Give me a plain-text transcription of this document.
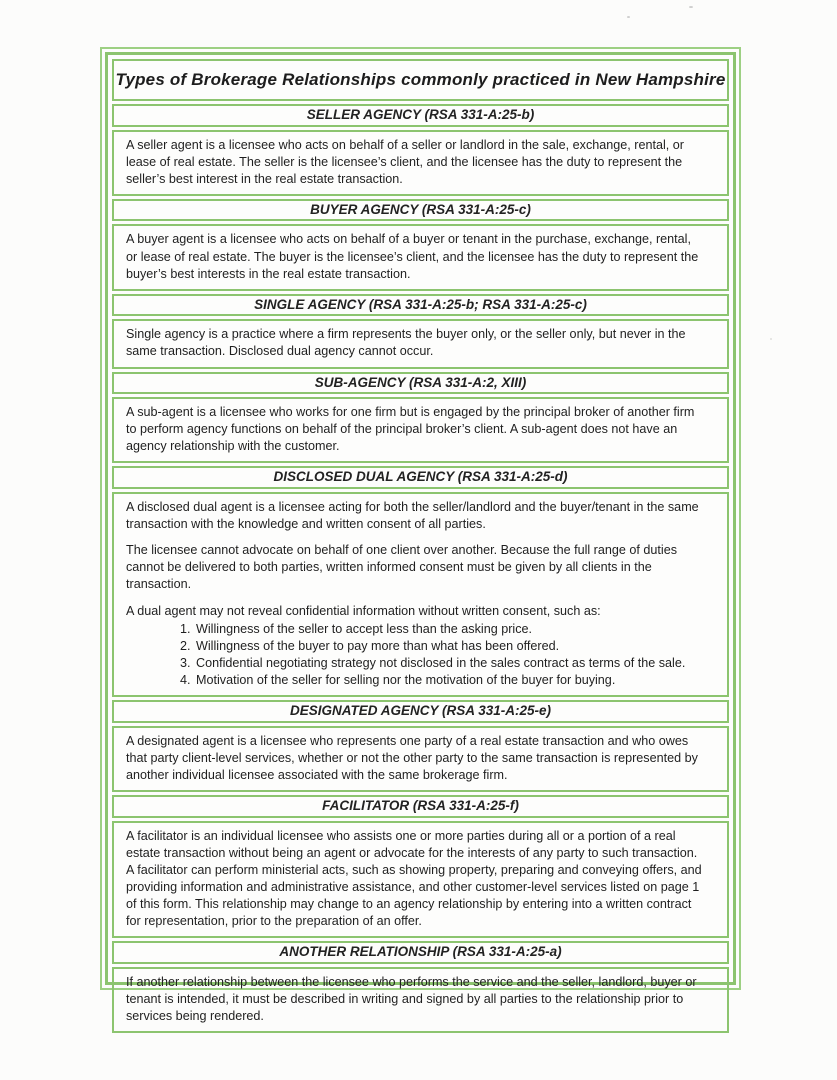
Types of Brokerage Relationships commonly practiced in New Hampshire
SELLER AGENCY (RSA 331-A:25-b)

A seller agent is a licensee who acts on behalf of a seller or landlord in the sale, exchange, rental, or lease of real estate. The seller is the licensee’s client, and the licensee has the duty to represent the seller’s best interest in the real estate transaction.

BUYER AGENCY (RSA 331-A:25-c)

A buyer agent is a licensee who acts on behalf of a buyer or tenant in the purchase, exchange, rental, or lease of real estate. The buyer is the licensee’s client, and the licensee has the duty to represent the buyer’s best interests in the real estate transaction.

SINGLE AGENCY (RSA 331-A:25-b; RSA 331-A:25-c)

Single agency is a practice where a firm represents the buyer only, or the seller only, but never in the same transaction. Disclosed dual agency cannot occur.

SUB-AGENCY (RSA 331-A:2, XIII)

A sub-agent is a licensee who works for one firm but is engaged by the principal broker of another firm to perform agency functions on behalf of the principal broker’s client. A sub-agent does not have an agency relationship with the customer.

DISCLOSED DUAL AGENCY (RSA 331-A:25-d)

A disclosed dual agent is a licensee acting for both the seller/landlord and the buyer/tenant in the same transaction with the knowledge and written consent of all parties.

The licensee cannot advocate on behalf of one client over another. Because the full range of duties cannot be delivered to both parties, written informed consent must be given by all clients in the transaction.

A dual agent may not reveal confidential information without written consent, such as:

1. Willingness of the seller to accept less than the asking price.
2. Willingness of the buyer to pay more than what has been offered.
3. Confidential negotiating strategy not disclosed in the sales contract as terms of the sale.
4. Motivation of the seller for selling nor the motivation of the buyer for buying.
DESIGNATED AGENCY (RSA 331-A:25-e)

A designated agent is a licensee who represents one party of a real estate transaction and who owes that party client-level services, whether or not the other party to the same transaction is represented by another individual licensee associated with the same brokerage firm.

FACILITATOR (RSA 331-A:25-f)

A facilitator is an individual licensee who assists one or more parties during all or a portion of a real estate transaction without being an agent or advocate for the interests of any party to such transaction. A facilitator can perform ministerial acts, such as showing property, preparing and conveying offers, and providing information and administrative assistance, and other customer-level services listed on page 1 of this form. This relationship may change to an agency relationship by entering into a written contract for representation, prior to the preparation of an offer.

ANOTHER RELATIONSHIP (RSA 331-A:25-a)

If another relationship between the licensee who performs the service and the seller, landlord, buyer or tenant is intended, it must be described in writing and signed by all parties to the relationship prior to services being rendered.
